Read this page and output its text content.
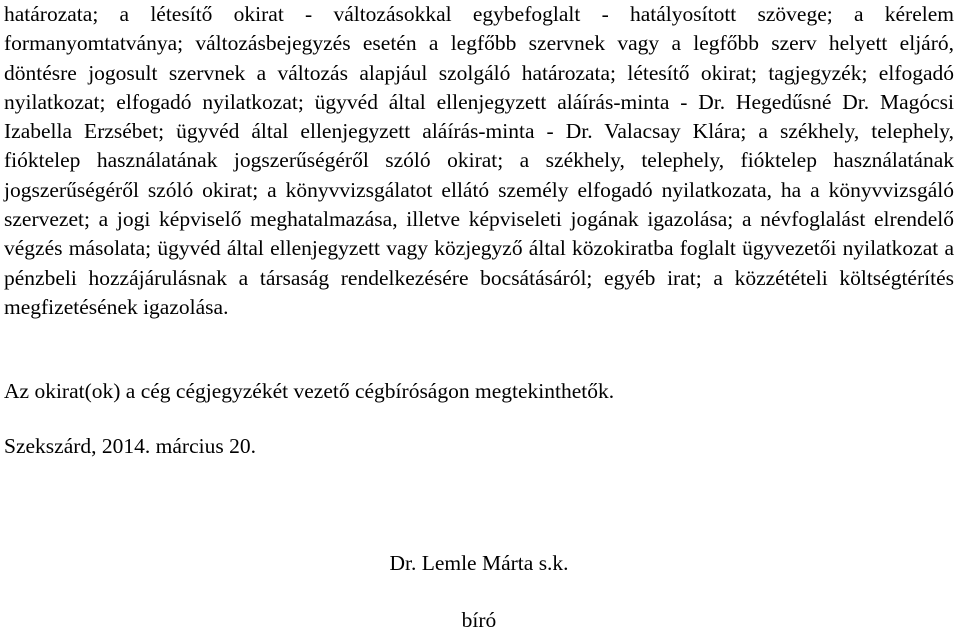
határozata; a létesítő okirat - változásokkal egybefoglalt - hatályosított szövege; a kérelem formanyomtatványa; változásbejegyzés esetén a legfőbb szervnek vagy a legfőbb szerv helyett eljáró, döntésre jogosult szervnek a változás alapjául szolgáló határozata; létesítő okirat; tagjegyzék; elfogadó nyilatkozat; elfogadó nyilatkozat; ügyvéd által ellenjegyzett aláírás-minta - Dr. Hegedűsné Dr. Magócsi Izabella Erzsébet; ügyvéd által ellenjegyzett aláírás-minta - Dr. Valacsay Klára; a székhely, telephely, fióktelep használatának jogszerűségéről szóló okirat; a székhely, telephely, fióktelep használatának jogszerűségéről szóló okirat; a könyvvizsgálatot ellátó személy elfogadó nyilatkozata, ha a könyvvizsgáló szervezet; a jogi képviselő meghatalmazása, illetve képviseleti jogának igazolása; a névfoglalást elrendelő végzés másolata; ügyvéd által ellenjegyzett vagy közjegyző által közokiratba foglalt ügyvezetői nyilatkozat a pénzbeli hozzájárulásnak a társaság rendelkezésére bocsátásáról; egyéb irat; a közzétételi költségtérítés megfizetésének igazolása.

Az okirat(ok) a cég cégjegyzékét vezető cégbíróságon megtekinthetők.

Szekszárd, 2014. március 20.

Dr. Lemle Márta s.k.

bíró
